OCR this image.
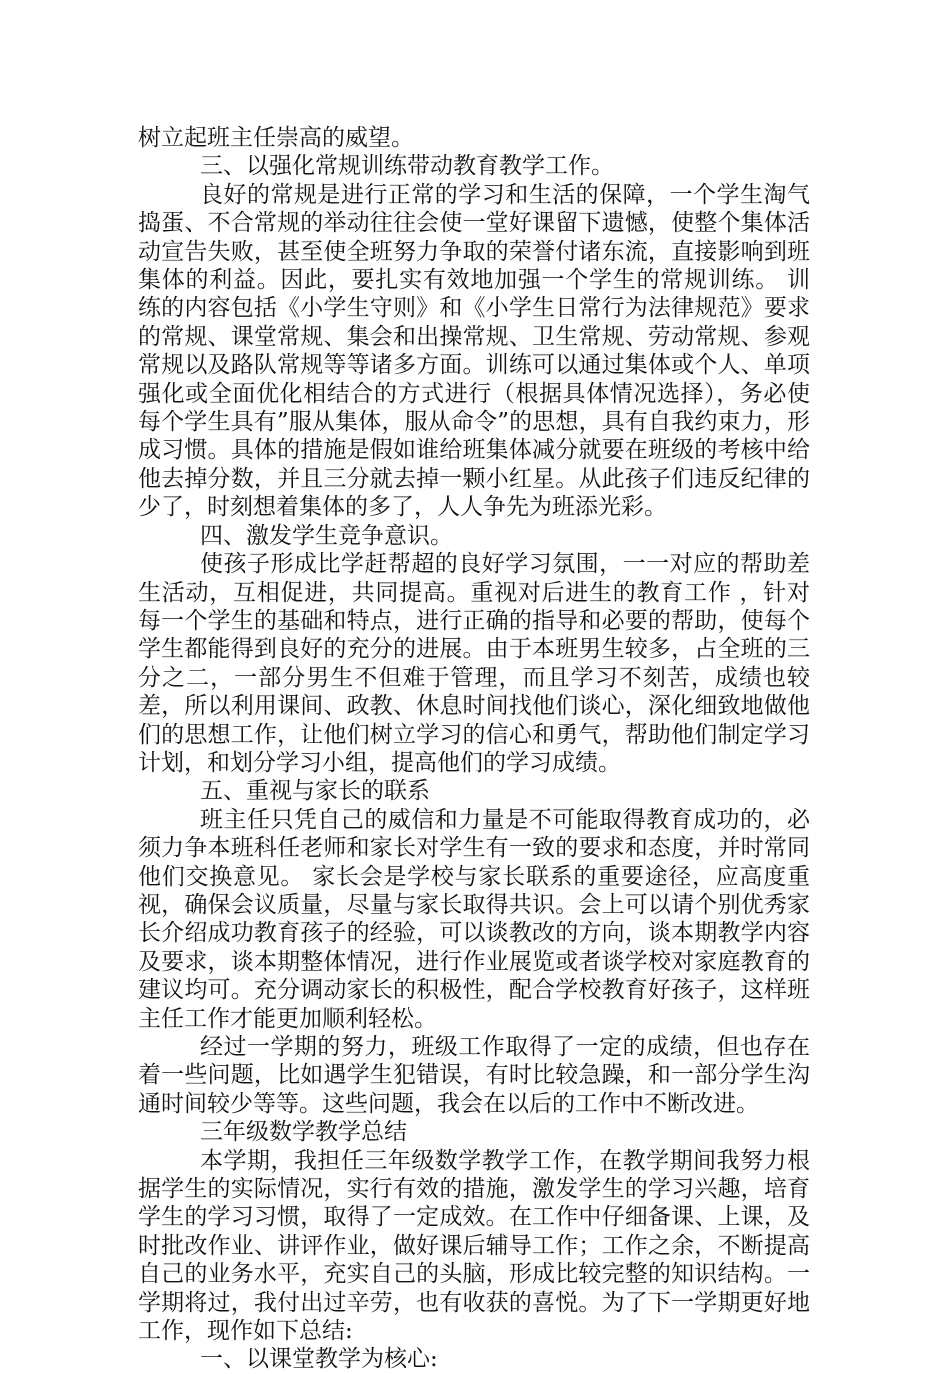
树立起班主任崇高的威望。

三、以强化常规训练带动教育教学工作。

良好的常规是进行正常的学习和生活的保障，一个学生淘气捣蛋、不合常规的举动往往会使一堂好课留下遗憾，使整个集体活动宣告失败，甚至使全班努力争取的荣誉付诸东流，直接影响到班集体的利益。因此，要扎实有效地加强一个学生的常规训练。 训练的内容包括《小学生守则》和《小学生日常行为法律规范》要求的常规、课堂常规、集会和出操常规、卫生常规、劳动常规、参观常规以及路队常规等等诸多方面。训练可以通过集体或个人、单项强化或全面优化相结合的方式进行（根据具体情况选择），务必使每个学生具有”服从集体，服从命令”的思想，具有自我约束力，形成习惯。具体的措施是假如谁给班集体减分就要在班级的考核中给他去掉分数，并且三分就去掉一颗小红星。从此孩子们违反纪律的少了，时刻想着集体的多了，人人争先为班添光彩。

四、激发学生竞争意识。

使孩子形成比学赶帮超的良好学习氛围，一一对应的帮助差生活动，互相促进，共同提高。重视对后进生的教育工作 ，针对每一个学生的基础和特点，进行正确的指导和必要的帮助，使每个学生都能得到良好的充分的进展。由于本班男生较多，占全班的三分之二，一部分男生不但难于管理，而且学习不刻苦，成绩也较差，所以利用课间、政教、休息时间找他们谈心，深化细致地做他们的思想工作，让他们树立学习的信心和勇气，帮助他们制定学习计划，和划分学习小组，提高他们的学习成绩。

五、重视与家长的联系

班主任只凭自己的威信和力量是不可能取得教育成功的，必须力争本班科任老师和家长对学生有一致的要求和态度，并时常同他们交换意见。 家长会是学校与家长联系的重要途径，应高度重视，确保会议质量，尽量与家长取得共识。会上可以请个别优秀家长介绍成功教育孩子的经验，可以谈教改的方向，谈本期教学内容及要求，谈本期整体情况，进行作业展览或者谈学校对家庭教育的建议均可。充分调动家长的积极性，配合学校教育好孩子，这样班主任工作才能更加顺利轻松。

经过一学期的努力，班级工作取得了一定的成绩，但也存在着一些问题，比如遇学生犯错误，有时比较急躁，和一部分学生沟通时间较少等等。这些问题，我会在以后的工作中不断改进。

三年级数学教学总结

本学期，我担任三年级数学教学工作，在教学期间我努力根据学生的实际情况，实行有效的措施，激发学生的学习兴趣，培育学生的学习习惯，取得了一定成效。在工作中仔细备课、上课，及时批改作业、讲评作业，做好课后辅导工作；工作之余，不断提高自己的业务水平，充实自己的头脑，形成比较完整的知识结构。一学期将过，我付出过辛劳，也有收获的喜悦。为了下一学期更好地工作，现作如下总结:

一、以课堂教学为核心:
